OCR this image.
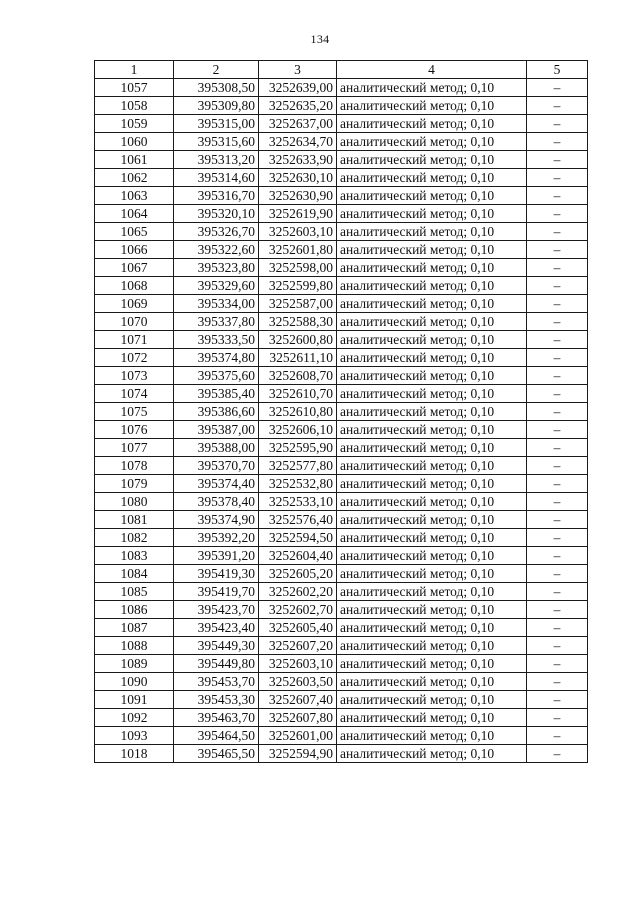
134
1	2	3	4	5
1057	395308,50	3252639,00	аналитический метод; 0,10	–
1058	395309,80	3252635,20	аналитический метод; 0,10	–
1059	395315,00	3252637,00	аналитический метод; 0,10	–
1060	395315,60	3252634,70	аналитический метод; 0,10	–
1061	395313,20	3252633,90	аналитический метод; 0,10	–
1062	395314,60	3252630,10	аналитический метод; 0,10	–
1063	395316,70	3252630,90	аналитический метод; 0,10	–
1064	395320,10	3252619,90	аналитический метод; 0,10	–
1065	395326,70	3252603,10	аналитический метод; 0,10	–
1066	395322,60	3252601,80	аналитический метод; 0,10	–
1067	395323,80	3252598,00	аналитический метод; 0,10	–
1068	395329,60	3252599,80	аналитический метод; 0,10	–
1069	395334,00	3252587,00	аналитический метод; 0,10	–
1070	395337,80	3252588,30	аналитический метод; 0,10	–
1071	395333,50	3252600,80	аналитический метод; 0,10	–
1072	395374,80	3252611,10	аналитический метод; 0,10	–
1073	395375,60	3252608,70	аналитический метод; 0,10	–
1074	395385,40	3252610,70	аналитический метод; 0,10	–
1075	395386,60	3252610,80	аналитический метод; 0,10	–
1076	395387,00	3252606,10	аналитический метод; 0,10	–
1077	395388,00	3252595,90	аналитический метод; 0,10	–
1078	395370,70	3252577,80	аналитический метод; 0,10	–
1079	395374,40	3252532,80	аналитический метод; 0,10	–
1080	395378,40	3252533,10	аналитический метод; 0,10	–
1081	395374,90	3252576,40	аналитический метод; 0,10	–
1082	395392,20	3252594,50	аналитический метод; 0,10	–
1083	395391,20	3252604,40	аналитический метод; 0,10	–
1084	395419,30	3252605,20	аналитический метод; 0,10	–
1085	395419,70	3252602,20	аналитический метод; 0,10	–
1086	395423,70	3252602,70	аналитический метод; 0,10	–
1087	395423,40	3252605,40	аналитический метод; 0,10	–
1088	395449,30	3252607,20	аналитический метод; 0,10	–
1089	395449,80	3252603,10	аналитический метод; 0,10	–
1090	395453,70	3252603,50	аналитический метод; 0,10	–
1091	395453,30	3252607,40	аналитический метод; 0,10	–
1092	395463,70	3252607,80	аналитический метод; 0,10	–
1093	395464,50	3252601,00	аналитический метод; 0,10	–
1018	395465,50	3252594,90	аналитический метод; 0,10	–
